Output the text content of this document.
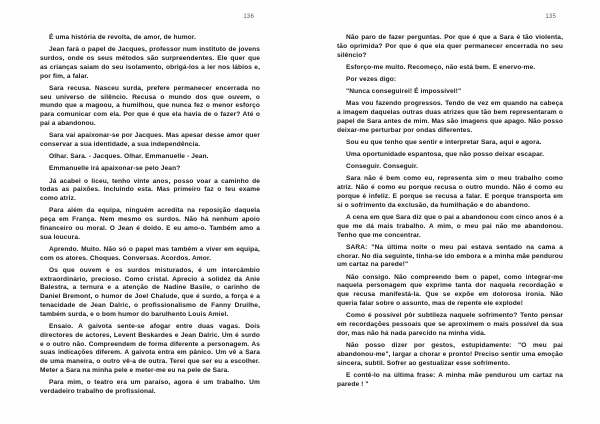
136

É uma história de revolta, de amor, de humor.

Jean fará o papel de Jacques, professor num instituto de jovens surdos, onde os seus métodos são surpreendentes. Ele quer que as crianças saiam do seu isolamento, obrigá-los a ler nos lábios e, por fim, a falar.

Sara recusa. Nasceu surda, prefere permanecer encerrada no seu universo de silêncio. Recusa o mundo dos que ouvem, o mundo que a magoou, a humilhou, que nunca fez o menor esforço para comunicar com ela. Por que é que ela havia de o fazer? Até o pai a abandonou.

Sara vai apaixonar-se por Jacques. Mas apesar desse amor quer conservar a sua identidade, a sua independência.

Olhar. Sara. - Jacques. Olhar. Emmanuelle - Jean.

Emmanuelle irá apaixonar-se pelo Jean?

Já acabei o liceu, tenho vinte anos, posso voar a caminho de todas as paixões. Incluindo esta. Mas primeiro faz o teu exame como atriz.

Para além da equipa, ninguém acredita na reposição daquela peça em França. Nem mesmo os surdos. Não há nenhum apoio financeiro ou moral. O Jean é doido. E eu amo-o. Também amo a sua loucura.

Aprendo. Muito. Não só o papel mas também a viver em equipa, com os atores. Choques. Conversas. Acordos. Amor.

Os que ouvem e os surdos misturados, é um intercâmbio extraordinário, precioso. Como cristal. Aprecio a solidez da Anie Balestra, a ternura e a atenção de Nadine Basile, o carinho de Daniel Bremont, o humor de Joel Chalude, que é surdo, a força e a tenacidade de Jean Dalric, o profissionalismo de Fanny Druilhe, também surda, e o bom humor do barulhento Louis Amiel.

Ensaio. A gaivota sente-se afogar entre duas vagas. Dois directores de actores, Levent Beskardes e Jean Dalric. Um é surdo e o outro não. Compreendem de forma diferente a personagem. As suas indicações diferem. A gaivota entra em pânico. Um vê a Sara de uma maneira, o outro vê-a de outra. Terei que ser eu a escolher. Meter a Sara na minha pele e meter-me eu na pele de Sara.

Para mim, o teatro era um paraíso, agora é um trabalho. Um verdadeiro trabalho de profissional.

135

Não paro de fazer perguntas. Por que é que a Sara é tão violenta, tão oprimida? Por que é que ela quer permanecer encerrada no seu silêncio?

Esforço-me muito. Recomeço, não está bem. E enervo-me.

Por vezes digo:

"Nunca conseguirei! É impossível!"

Mas vou fazendo progressos. Tendo de vez em quando na cabeça a imagem daquelas outras duas atrizes que tão bem representaram o papel de Sara antes de mim. Mas são imagens que apago. Não posso deixar-me perturbar por ondas diferentes.

Sou eu que tenho que sentir e interpretar Sara, aqui e agora.

Uma oportunidade espantosa, que não posso deixar escapar.

Conseguir. Conseguir.

Sara não é bem como eu, representa sim o meu trabalho como atriz. Não é como eu porque recusa o outro mundo. Não é como eu porque é infeliz. E porque se recusa a falar. E porque transporta em si o sofrimento da exclusão, da humilhação e do abandono.

A cena em que Sara diz que o pai a abandonou com cinco anos é a que me dá mais trabalho. A mim, o meu pai não me abandonou. Tenho que me concentrar.

SARA: "Na última noite o meu pai estava sentado na cama a chorar. No dia seguinte, tinha-se ido embora e a minha mãe pendurou um cartaz na parede!"

Não consigo. Não compreendo bem o papel, como integrar-me naquela personagem que exprime tanta dor naquela recordação e que recusa manifestá-la. Que se expõe em dolorosa ironia. Não queria falar sobre o assunto, mas de repente ele explode!

Como é possível pôr subtileza naquele sofrimento? Tento pensar em recordações pessoais que se aproximem o mais possível da sua dor, mas não há nada parecido na minha vida.

Não posso dizer por gestos, estupidamente: "O meu pai abandonou-me", largar a chorar e pronto! Preciso sentir uma emoção sincera, subtil. Sofrer ao gestualizar esse sofrimento.

E contê-lo na última frase: A minha mãe pendurou um cartaz na parede ! "
